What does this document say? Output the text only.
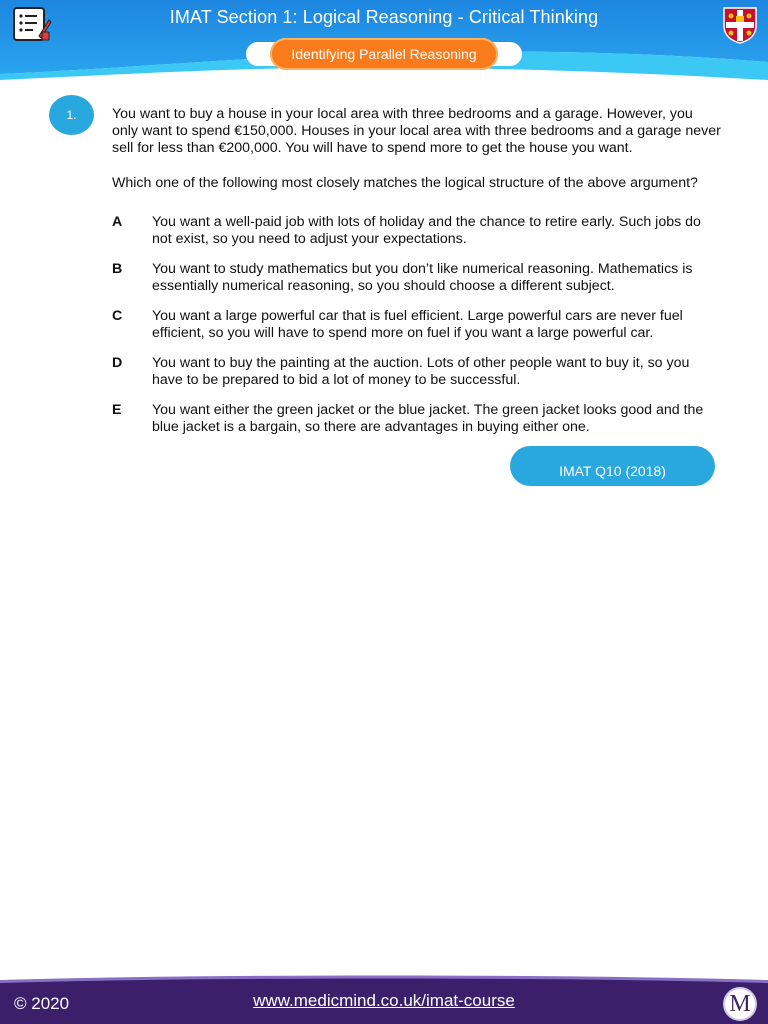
IMAT Section 1: Logical Reasoning - Critical Thinking
Identifying Parallel Reasoning
1.	You want to buy a house in your local area with three bedrooms and a garage. However, you only want to spend €150,000. Houses in your local area with three bedrooms and a garage never sell for less than €200,000. You will have to spend more to get the house you want.
Which one of the following most closely matches the logical structure of the above argument?
A	You want a well-paid job with lots of holiday and the chance to retire early. Such jobs do not exist, so you need to adjust your expectations.
B	You want to study mathematics but you don’t like numerical reasoning. Mathematics is essentially numerical reasoning, so you should choose a different subject.
C	You want a large powerful car that is fuel efficient. Large powerful cars are never fuel efficient, so you will have to spend more on fuel if you want a large powerful car.
D	You want to buy the painting at the auction. Lots of other people want to buy it, so you have to be prepared to bid a lot of money to be successful.
E	You want either the green jacket or the blue jacket. The green jacket looks good and the blue jacket is a bargain, so there are advantages in buying either one.
IMAT Q10 (2018)
© 2020	www.medicmind.co.uk/imat-course	M
